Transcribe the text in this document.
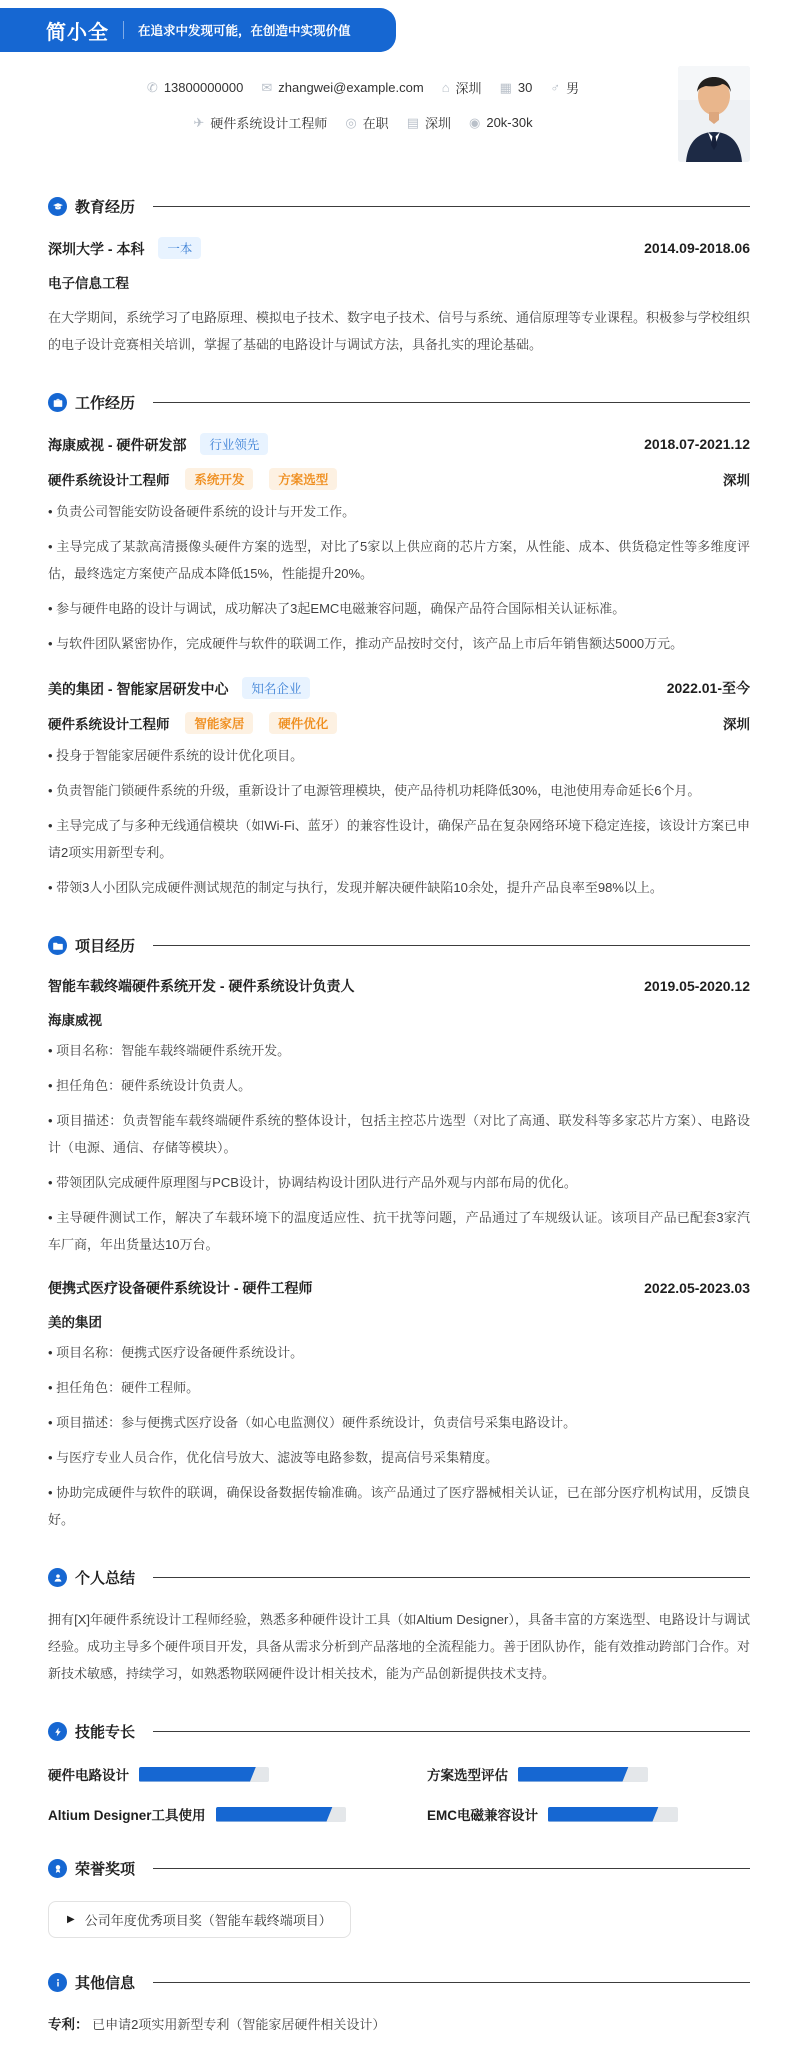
简小全 在追求中发现可能，在创造中实现价值
✆ 13800000000 ✉ zhangwei@example.com ⌂ 深圳 ▦ 30 ♂ 男
✈ 硬件系统设计工程师 ◎ 在职 ▤ 深圳 ◉ 20k-30k
教育经历
深圳大学 - 本科 一本	2014.09-2018.06
电子信息工程
在大学期间，系统学习了电路原理、模拟电子技术、数字电子技术、信号与系统、通信原理等专业课程。积极参与学校组织的电子设计竞赛相关培训，掌握了基础的电路设计与调试方法，具备扎实的理论基础。
工作经历
海康威视 - 硬件研发部 行业领先	2018.07-2021.12
硬件系统设计工程师 系统开发	方案选型	深圳
• 负责公司智能安防设备硬件系统的设计与开发工作。
• 主导完成了某款高清摄像头硬件方案的选型，对比了5家以上供应商的芯片方案，从性能、成本、供货稳定性等多维度评估，最终选定方案使产品成本降低15%，性能提升20%。
• 参与硬件电路的设计与调试，成功解决了3起EMC电磁兼容问题，确保产品符合国际相关认证标准。
• 与软件团队紧密协作，完成硬件与软件的联调工作，推动产品按时交付，该产品上市后年销售额达5000万元。
美的集团 - 智能家居研发中心 知名企业	2022.01-至今
硬件系统设计工程师 智能家居	硬件优化	深圳
• 投身于智能家居硬件系统的设计优化项目。
• 负责智能门锁硬件系统的升级，重新设计了电源管理模块，使产品待机功耗降低30%，电池使用寿命延长6个月。
• 主导完成了与多种无线通信模块（如Wi-Fi、蓝牙）的兼容性设计，确保产品在复杂网络环境下稳定连接，该设计方案已申请2项实用新型专利。
• 带领3人小团队完成硬件测试规范的制定与执行，发现并解决硬件缺陷10余处，提升产品良率至98%以上。
项目经历
智能车载终端硬件系统开发 - 硬件系统设计负责人	2019.05-2020.12
海康威视
• 项目名称：智能车载终端硬件系统开发。
• 担任角色：硬件系统设计负责人。
• 项目描述：负责智能车载终端硬件系统的整体设计，包括主控芯片选型（对比了高通、联发科等多家芯片方案）、电路设计（电源、通信、存储等模块）。
• 带领团队完成硬件原理图与PCB设计，协调结构设计团队进行产品外观与内部布局的优化。
• 主导硬件测试工作，解决了车载环境下的温度适应性、抗干扰等问题，产品通过了车规级认证。该项目产品已配套3家汽车厂商，年出货量达10万台。
便携式医疗设备硬件系统设计 - 硬件工程师	2022.05-2023.03
美的集团
• 项目名称：便携式医疗设备硬件系统设计。
• 担任角色：硬件工程师。
• 项目描述：参与便携式医疗设备（如心电监测仪）硬件系统设计，负责信号采集电路设计。
• 与医疗专业人员合作，优化信号放大、滤波等电路参数，提高信号采集精度。
• 协助完成硬件与软件的联调，确保设备数据传输准确。该产品通过了医疗器械相关认证，已在部分医疗机构试用，反馈良好。
个人总结
拥有[X]年硬件系统设计工程师经验，熟悉多种硬件设计工具（如Altium Designer），具备丰富的方案选型、电路设计与调试经验。成功主导多个硬件项目开发，具备从需求分析到产品落地的全流程能力。善于团队协作，能有效推动跨部门合作。对新技术敏感，持续学习，如熟悉物联网硬件设计相关技术，能为产品创新提供技术支持。
技能专长
硬件电路设计	方案选型评估
Altium Designer工具使用	EMC电磁兼容设计
荣誉奖项
▶ 公司年度优秀项目奖（智能车载终端项目）
其他信息
专利： 已申请2项实用新型专利（智能家居硬件相关设计）
